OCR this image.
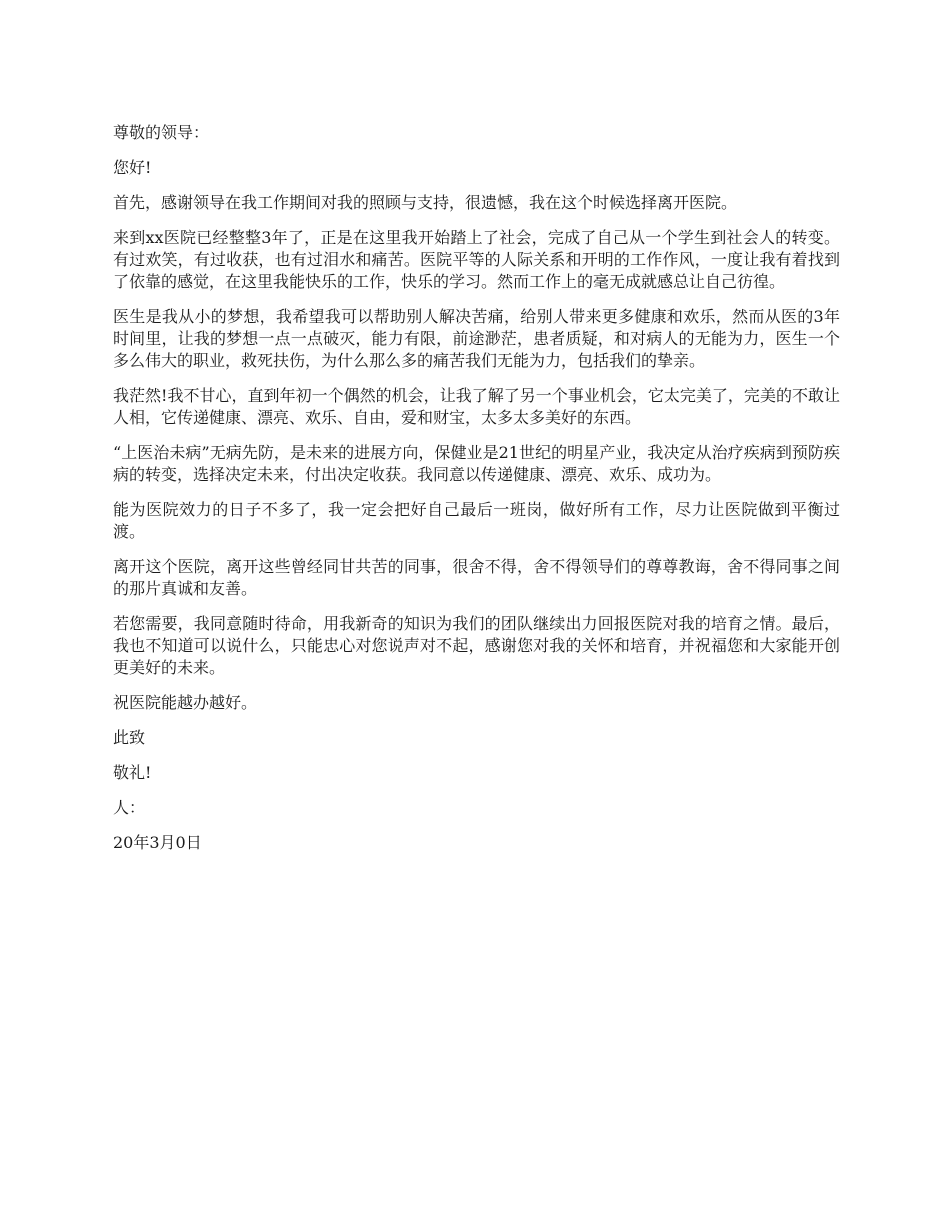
尊敬的领导：

您好!

首先，感谢领导在我工作期间对我的照顾与支持，很遗憾，我在这个时候选择离开医院。

来到xx医院已经整整3年了，正是在这里我开始踏上了社会，完成了自己从一个学生到社会人的转变。有过欢笑，有过收获，也有过泪水和痛苦。医院平等的人际关系和开明的工作作风，一度让我有着找到了依靠的感觉，在这里我能快乐的工作，快乐的学习。然而工作上的毫无成就感总让自己彷徨。

医生是我从小的梦想，我希望我可以帮助别人解决苦痛，给别人带来更多健康和欢乐，然而从医的3年时间里，让我的梦想一点一点破灭，能力有限，前途渺茫，患者质疑，和对病人的无能为力，医生一个多么伟大的职业，救死扶伤，为什么那么多的痛苦我们无能为力，包括我们的挚亲。

我茫然!我不甘心，直到年初一个偶然的机会，让我了解了另一个事业机会，它太完美了，完美的不敢让人相，它传递健康、漂亮、欢乐、自由，爱和财宝，太多太多美好的东西。

“上医治未病”无病先防，是未来的进展方向，保健业是21世纪的明星产业，我决定从治疗疾病到预防疾病的转变，选择决定未来，付出决定收获。我同意以传递健康、漂亮、欢乐、成功为。

能为医院效力的日子不多了，我一定会把好自己最后一班岗，做好所有工作，尽力让医院做到平衡过渡。

离开这个医院，离开这些曾经同甘共苦的同事，很舍不得，舍不得领导们的尊尊教诲，舍不得同事之间的那片真诚和友善。

若您需要，我同意随时待命，用我新奇的知识为我们的团队继续出力回报医院对我的培育之情。最后，我也不知道可以说什么，只能忠心对您说声对不起，感谢您对我的关怀和培育，并祝福您和大家能开创更美好的未来。

祝医院能越办越好。

此致

敬礼!

人：

20年3月0日
